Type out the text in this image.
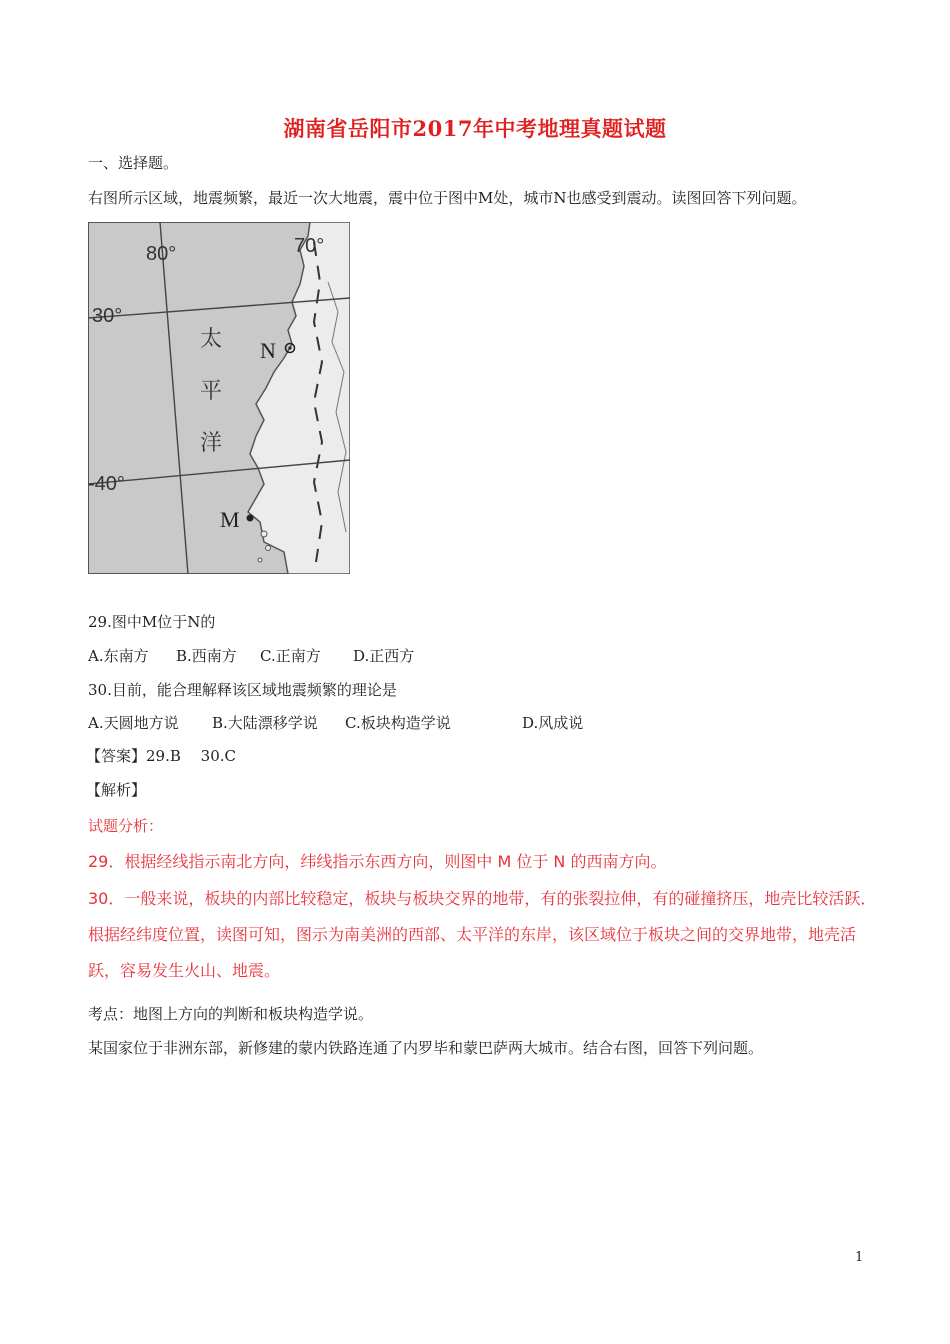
湖南省岳阳市2017年中考地理真题试题
一、选择题。
右图所示区域，地震频繁，最近一次大地震，震中位于图中M处，城市N也感受到震动。读图回答下列问题。
80°	70°
30°
-40°
太
平
洋
N
M
29.图中M位于N的
A.东南方 B.西南方 C.正南方 D.正西方
30.目前，能合理解释该区域地震频繁的理论是
A.天圆地方说 B.大陆漂移学说 C.板块构造学说	D.风成说
【答案】29.B　 30.C
【解析】
试题分析：
29．根据经线指示南北方向，纬线指示东西方向，则图中 M 位于 N 的西南方向。
30．一般来说，板块的内部比较稳定，板块与板块交界的地带，有的张裂拉伸，有的碰撞挤压，地壳比较活跃．根据经纬度位置，读图可知，图示为南美洲的西部、太平洋的东岸，该区域位于板块之间的交界地带，地壳活跃，容易发生火山、地震。
考点：地图上方向的判断和板块构造学说。
某国家位于非洲东部，新修建的蒙内铁路连通了内罗毕和蒙巴萨两大城市。结合右图，回答下列问题。
1
